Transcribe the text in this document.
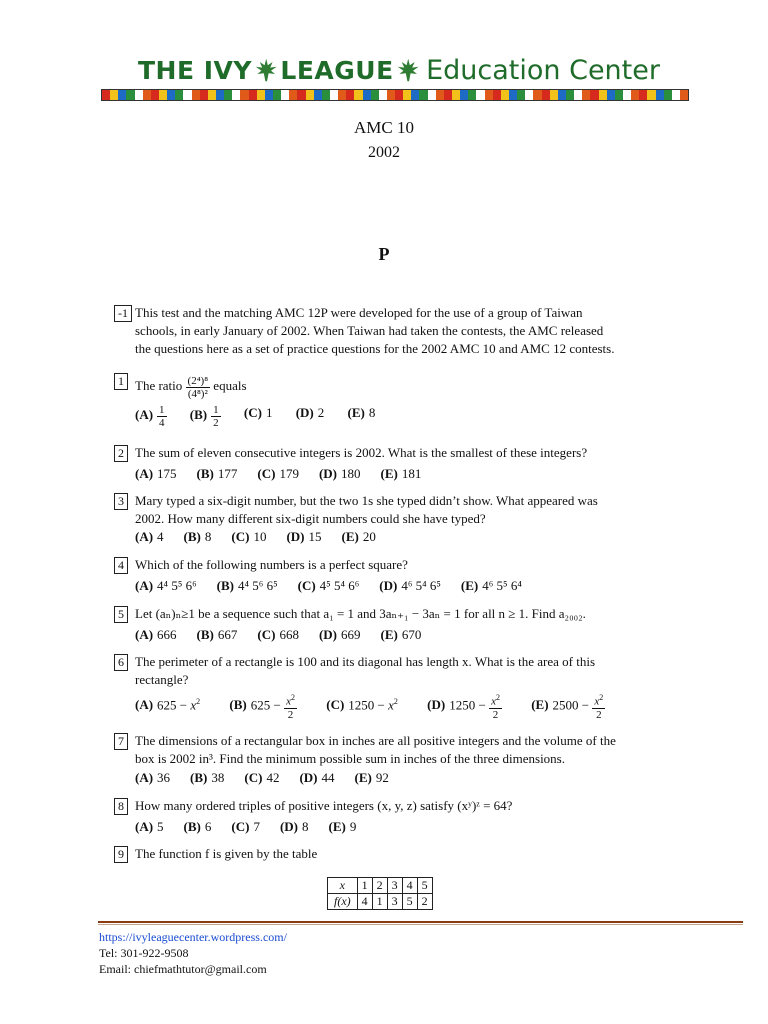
THE IVY LEAGUE Education Center
AMC 10
2002
P
-1 This test and the matching AMC 12P were developed for the use of a group of Taiwan
schools, in early January of 2002. When Taiwan had taken the contests, the AMC released
the questions here as a set of practice questions for the 2002 AMC 10 and AMC 12 contests.
1 The ratio $\frac{\text{(2⁴)⁸}}{\text{(4⁸)²}}$ equals
$(A) \frac{1}{4} (B) \frac{1}{2} (C)$ 1 (D) 2 (E) 8
2 The sum of eleven consecutive integers is 2002. What is the smallest of these integers?
(A) 175 (B) 177 (C) 179 (D) 180 (E) 181
3 Mary typed a six-digit number, but the two 1s she typed didn’t show. What appeared was
2002. How many different six-digit numbers could she have typed?
(A) 4 (B) 8 (C) 10 (D) 15 (E) 20
4 Which of the following numbers is a perfect square?
(A) 4⁴ 5⁵ 6⁶ (B) 4⁴ 5⁶ 6⁵ (C) 4⁵ 5⁴ 6⁶ (D) 4⁶ 5⁴ 6⁵ (E) 4⁶ 5⁵ 6⁴
5 Let (aₙ)ₙ≥1 be a sequence such that a₁ = 1 and 3aₙ₊₁ − 3aₙ = 1 for all n ≥ 1. Find a₂₀₀₂.
(A) 666 (B) 667 (C) 668 (D) 669 (E) 670
6 The perimeter of a rectangle is 100 and its diagonal has length x. What is the area of this
rectangle?
(A) $625 - x^2$ (B) $625 - \frac{x^2}{2} (C) 1250 - x^2$ (D) $1250 - \frac{x^2}{2} (E) 2500 - \frac{x^2}{2}$
7 The dimensions of a rectangular box in inches are all positive integers and the volume of the
box is 2002 in³. Find the minimum possible sum in inches of the three dimensions.
(A) 36 (B) 38 (C) 42 (D) 44 (E) 92
8 How many ordered triples of positive integers (x, y, z) satisfy (xʸ)ᶻ = 64?
(A) 5 (B) 6 (C) 7 (D) 8 (E) 9
9 The function f is given by the table
x	1	2	3	4	5
f(x)	4	1	3	5	2
https://ivyleaguecenter.wordpress.com/
Tel: 301-922-9508
Email: chiefmathtutor@gmail.com
